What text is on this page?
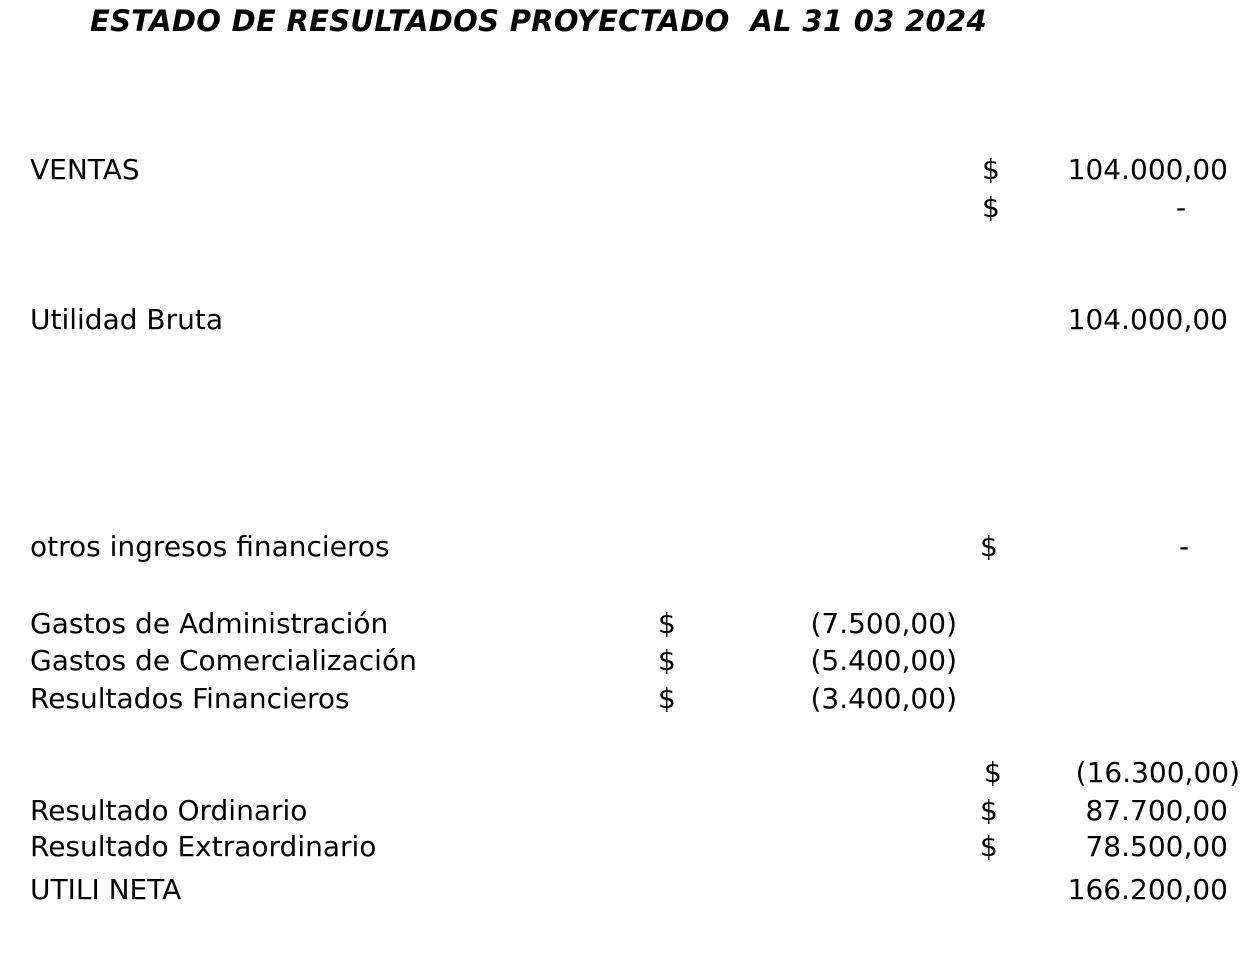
ESTADO DE RESULTADOS PROYECTADO  AL 31 03 2024
VENTAS	$ 104.000,00
$	-
Utilidad Bruta	104.000,00
otros ingresos financieros	$	-
Gastos de Administración	$	(7.500,00)
Gastos de Comercialización	$	(5.400,00)
Resultados Financieros	$	(3.400,00)
$	(16.300,00)
Resultado Ordinario	$	87.700,00
Resultado Extraordinario	$	78.500,00
UTILI NETA	166.200,00
